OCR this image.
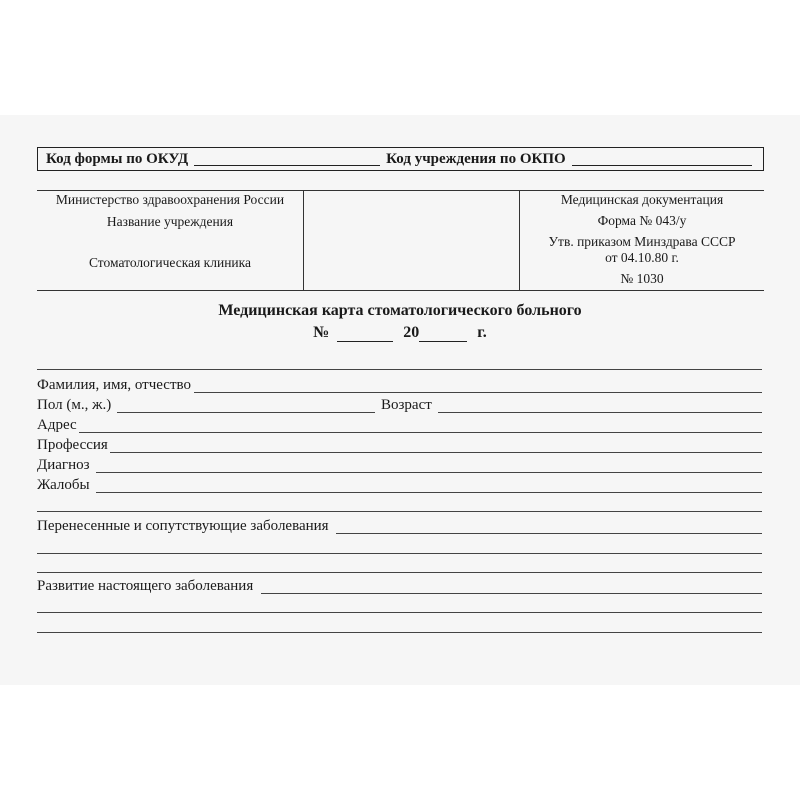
Код формы по ОКУД	Код учреждения по ОКПО
Министерство здравоохранения России
Название учреждения
Стоматологическая клиника
Медицинская документация
Форма № 043/у
Утв. приказом Минздрава СССР
от 04.10.80 г.
№ 1030
Медицинская карта стоматологического больного
№	20	г.
Фамилия, имя, отчество
Пол (м., ж.)	Возраст
Адрес
Профессия
Диагноз
Жалобы
Перенесенные и сопутствующие заболевания
Развитие настоящего заболевания
